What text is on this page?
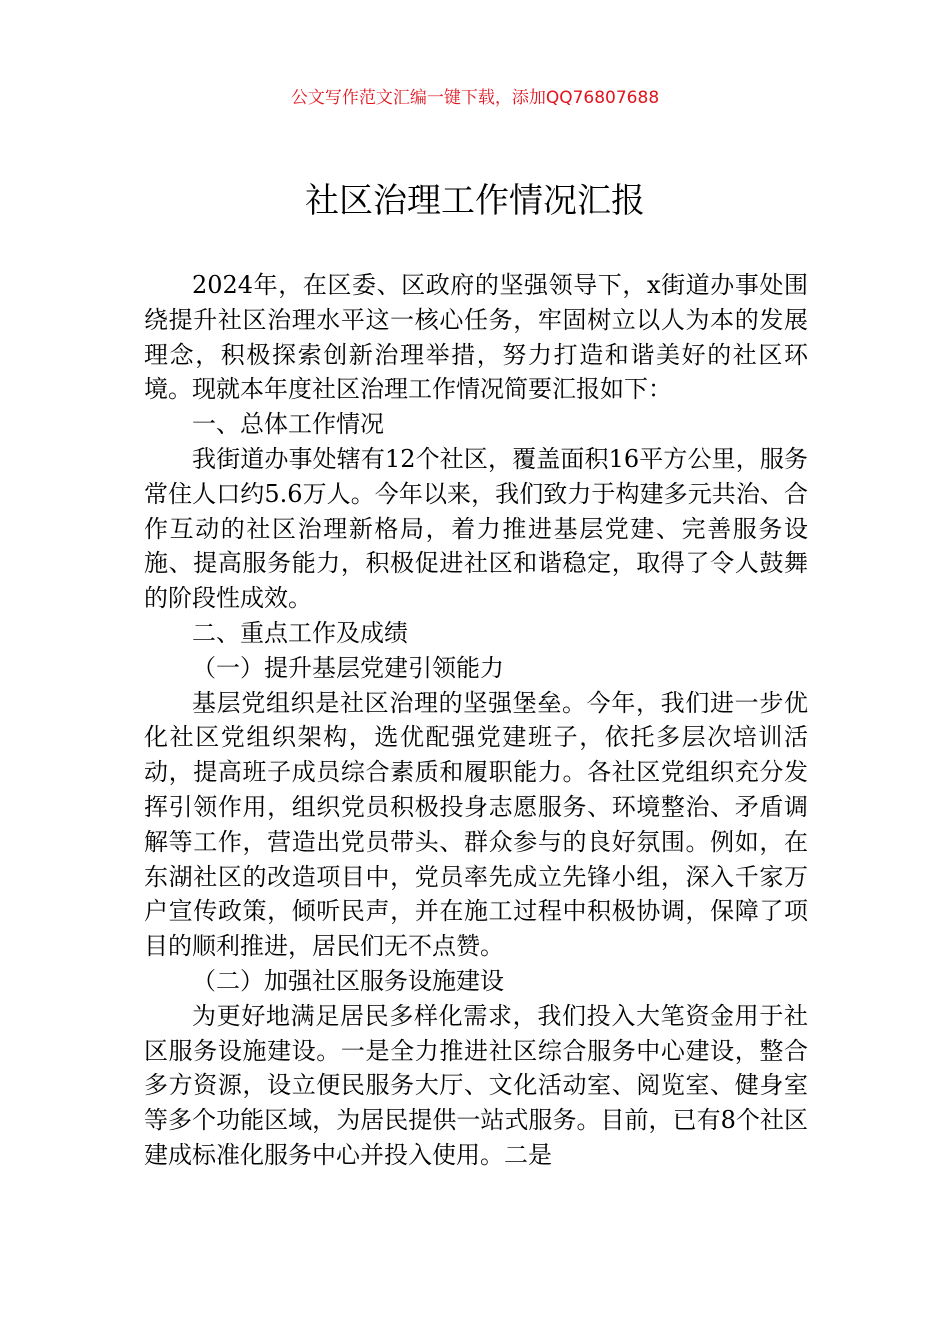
公文写作范文汇编一键下载，添加QQ76807688
社区治理工作情况汇报

2024年，在区委、区政府的坚强领导下，x街道办事处围绕提升社区治理水平这一核心任务，牢固树立以人为本的发展理念，积极探索创新治理举措，努力打造和谐美好的社区环境。现就本年度社区治理工作情况简要汇报如下：

一、总体工作情况

我街道办事处辖有12个社区，覆盖面积16平方公里，服务常住人口约5.6万人。今年以来，我们致力于构建多元共治、合作互动的社区治理新格局，着力推进基层党建、完善服务设施、提高服务能力，积极促进社区和谐稳定，取得了令人鼓舞的阶段性成效。

二、重点工作及成绩

（一）提升基层党建引领能力

基层党组织是社区治理的坚强堡垒。今年，我们进一步优化社区党组织架构，选优配强党建班子，依托多层次培训活动，提高班子成员综合素质和履职能力。各社区党组织充分发挥引领作用，组织党员积极投身志愿服务、环境整治、矛盾调解等工作，营造出党员带头、群众参与的良好氛围。例如，在东湖社区的改造项目中，党员率先成立先锋小组，深入千家万户宣传政策，倾听民声，并在施工过程中积极协调，保障了项目的顺利推进，居民们无不点赞。

（二）加强社区服务设施建设

为更好地满足居民多样化需求，我们投入大笔资金用于社区服务设施建设。一是全力推进社区综合服务中心建设，整合多方资源，设立便民服务大厅、文化活动室、阅览室、健身室等多个功能区域，为居民提供一站式服务。目前，已有8个社区建成标准化服务中心并投入使用。二是
